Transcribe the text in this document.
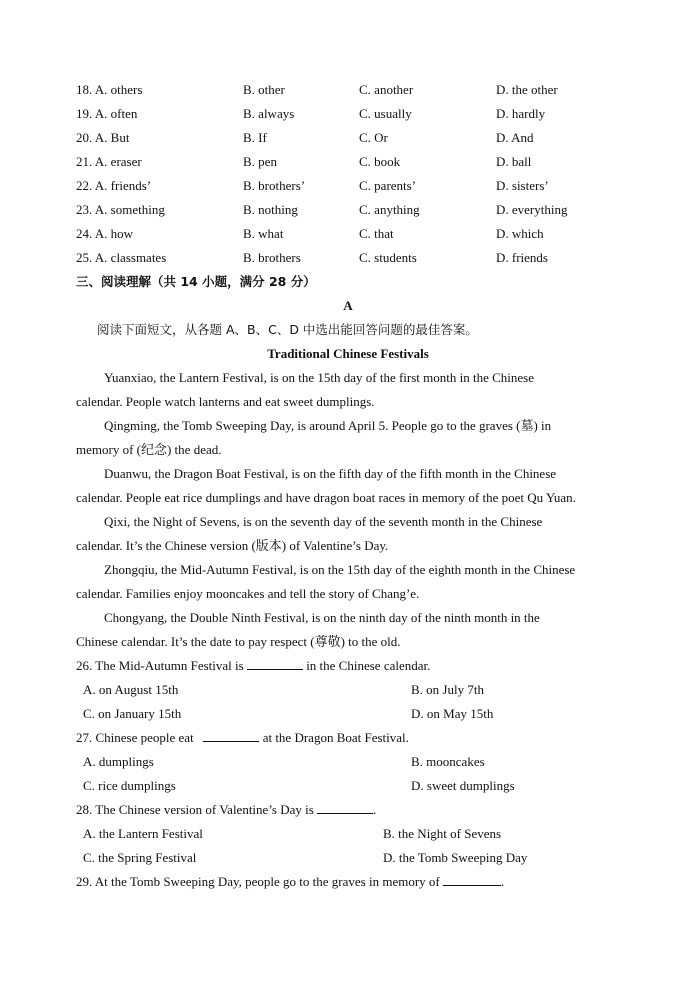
18. A. others	B. other	C. another	D. the other
19. A. often	B. always	C. usually	D. hardly
20. A. But	B. If	C. Or	D. And
21. A. eraser	B. pen	C. book	D. ball
22. A. friends’	B. brothers’	C. parents’	D. sisters’
23. A. something	B. nothing	C. anything	D. everything
24. A. how	B. what	C. that	D. which
25. A. classmates	B. brothers	C. students	D. friends
三、阅读理解（共 14 小题，满分 28 分）
A
阅读下面短文，从各题 A、B、C、D 中选出能回答问题的最佳答案。
Traditional Chinese Festivals
Yuanxiao, the Lantern Festival, is on the 15th day of the first month in the Chinese
calendar. People watch lanterns and eat sweet dumplings.
Qingming, the Tomb Sweeping Day, is around April 5. People go to the graves (墓) in
memory of (纪念) the dead.
Duanwu, the Dragon Boat Festival, is on the fifth day of the fifth month in the Chinese
calendar. People eat rice dumplings and have dragon boat races in memory of the poet Qu Yuan.
Qixi, the Night of Sevens, is on the seventh day of the seventh month in the Chinese
calendar. It’s the Chinese version (版本) of Valentine’s Day.
Zhongqiu, the Mid-Autumn Festival, is on the 15th day of the eighth month in the Chinese
calendar. Families enjoy mooncakes and tell the story of Chang’e.
Chongyang, the Double Ninth Festival, is on the ninth day of the ninth month in the
Chinese calendar. It’s the date to pay respect (尊敬) to the old.
26. The Mid-Autumn Festival is	in the Chinese calendar.
A. on August 15th	B. on July 7th
C. on January 15th	D. on May 15th
27. Chinese people eat	at the Dragon Boat Festival.
A. dumplings	B. mooncakes
C. rice dumplings	D. sweet dumplings
28. The Chinese version of Valentine’s Day is	.
A. the Lantern Festival	B. the Night of Sevens
C. the Spring Festival	D. the Tomb Sweeping Day
29. At the Tomb Sweeping Day, people go to the graves in memory of	.
